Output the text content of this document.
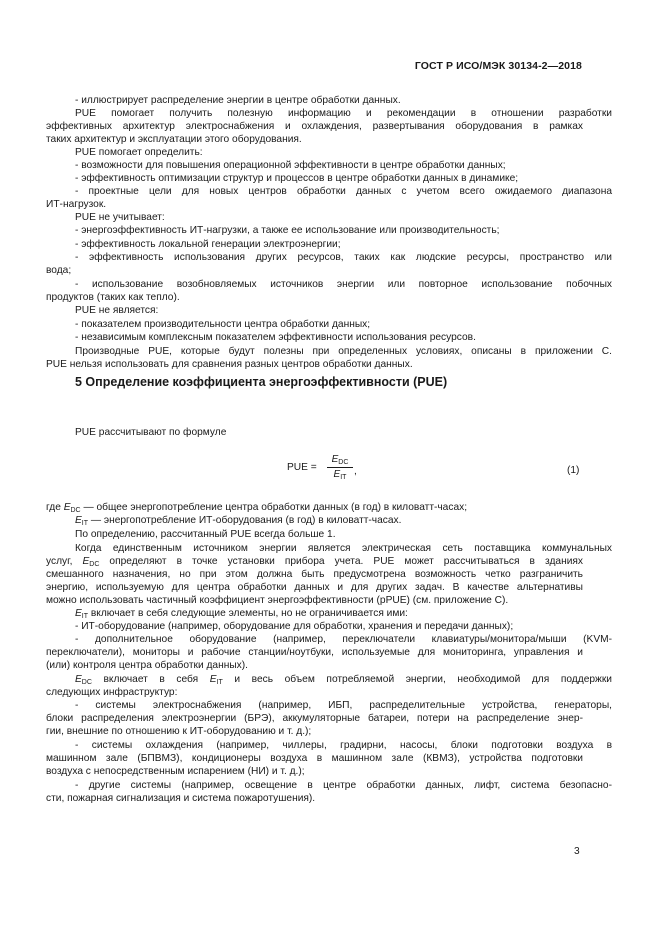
ГОСТ Р ИСО/МЭК 30134-2—2018
- иллюстрирует распределение энергии в центре обработки данных.
PUE помогает получить полезную информацию и рекомендации в отношении разработки
эффективных архитектур электроснабжения и охлаждения, развертывания оборудования в рамках
таких архитектур и эксплуатации этого оборудования.
PUE помогает определить:
- возможности для повышения операционной эффективности в центре обработки данных;
- эффективность оптимизации структур и процессов в центре обработки данных в динамике;
- проектные цели для новых центров обработки данных с учетом всего ожидаемого диапазона
ИТ-нагрузок.
PUE не учитывает:
- энергоэффективность ИТ-нагрузки, а также ее использование или производительность;
- эффективность локальной генерации электроэнергии;
- эффективность использования других ресурсов, таких как людские ресурсы, пространство или
вода;
- использование возобновляемых источников энергии или повторное использование побочных
продуктов (таких как тепло).
PUE не является:
- показателем производительности центра обработки данных;
- независимым комплексным показателем эффективности использования ресурсов.
Производные PUE, которые будут полезны при определенных условиях, описаны в приложении С.
PUE нельзя использовать для сравнения разных центров обработки данных.
5 Определение коэффициента энергоэффективности (PUE)
PUE рассчитывают по формуле
PUE =
$E_{DC}$
$E_{IT}$
,	(1)
где $E_{DC}$ — общее энергопотребление центра обработки данных (в год) в киловатт-часах;
$E_{IT}$ — энергопотребление ИТ-оборудования (в год) в киловатт-часах.
По определению, рассчитанный PUE всегда больше 1.
Когда единственным источником энергии является электрическая сеть поставщика коммунальных
услуг, $E_{DC}$ определяют в точке установки прибора учета. PUE может рассчитываться в зданиях
смешанного назначения, но при этом должна быть предусмотрена возможность четко разграничить
энергию, используемую для центра обработки данных и для других задач. В качестве альтернативы
можно использовать частичный коэффициент энергоэффективности (pPUE) (см. приложение С).
$E_{IT}$ включает в себя следующие элементы, но не ограничивается ими:
- ИТ-оборудование (например, оборудование для обработки, хранения и передачи данных);
- дополнительное оборудование (например, переключатели клавиатуры/монитора/мыши (KVM-
переключатели), мониторы и рабочие станции/ноутбуки, используемые для мониторинга, управления и
(или) контроля центра обработки данных).
$E_{DC}$ включает в себя $E_{IT}$ и весь объем потребляемой энергии, необходимой для поддержки
следующих инфраструктур:
- системы электроснабжения (например, ИБП, распределительные устройства, генераторы,
блоки распределения электроэнергии (БРЭ), аккумуляторные батареи, потери на распределение энер-
гии, внешние по отношению к ИТ-оборудованию и т. д.);
- системы охлаждения (например, чиллеры, градирни, насосы, блоки подготовки воздуха в
машинном зале (БПВМЗ), кондиционеры воздуха в машинном зале (КВМЗ), устройства подготовки
воздуха с непосредственным испарением (НИ) и т. д.);
- другие системы (например, освещение в центре обработки данных, лифт, система безопасно-
сти, пожарная сигнализация и система пожаротушения).
3
